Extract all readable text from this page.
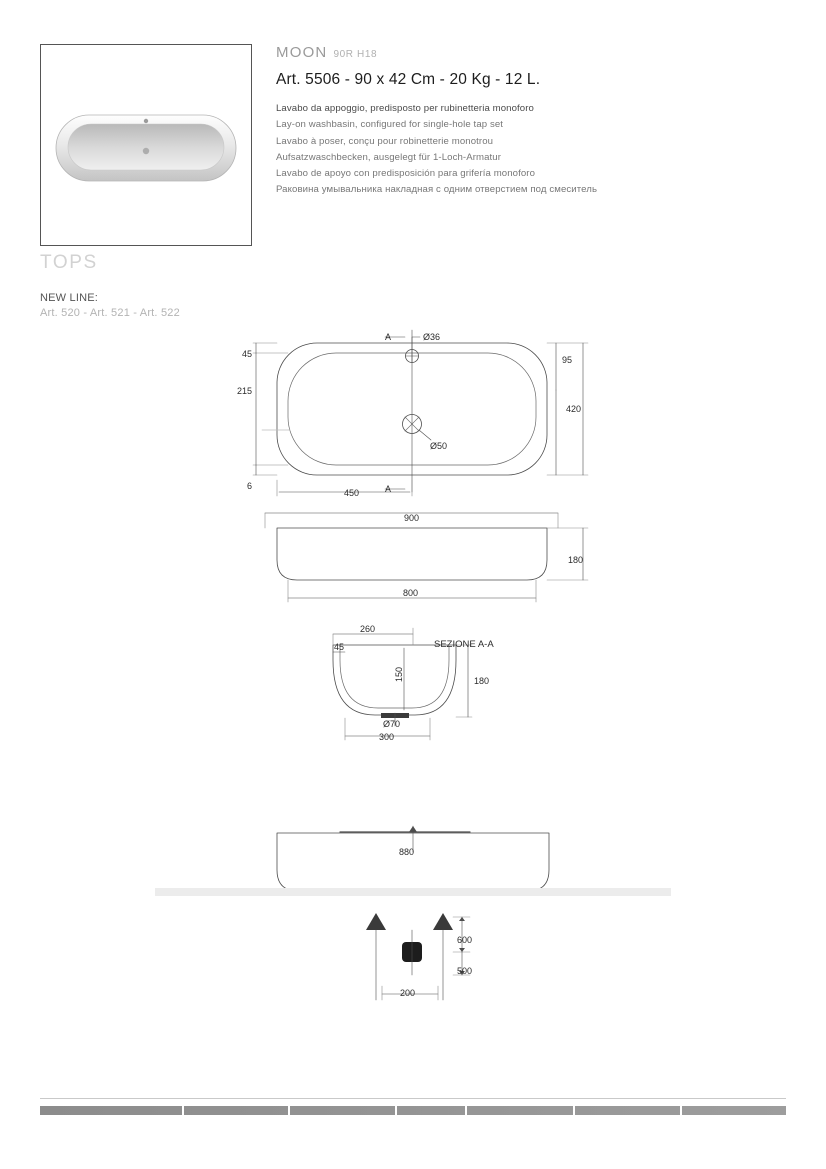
MOON 90R H18
Art. 5506 - 90 x 42 Cm - 20 Kg - 12 L.
Lavabo da appoggio, predisposto per rubinetteria monoforo
Lay-on washbasin, configured for single-hole tap set
Lavabo à poser, conçu pour robinetterie monotrou
Aufsatzwaschbecken, ausgelegt für 1-Loch-Armatur
Lavabo de apoyo con predisposición para grifería monoforo
Раковина умывальника накладная с одним отверстием под смеситель
TOPS
NEW LINE:
Art. 520 - Art. 521 - Art. 522
45
215
6
95
420
450
Ø36
Ø50
A
A
900
180
800
260
45
150	180
Ø70
300
SEZIONE A-A
880
600
500
200
